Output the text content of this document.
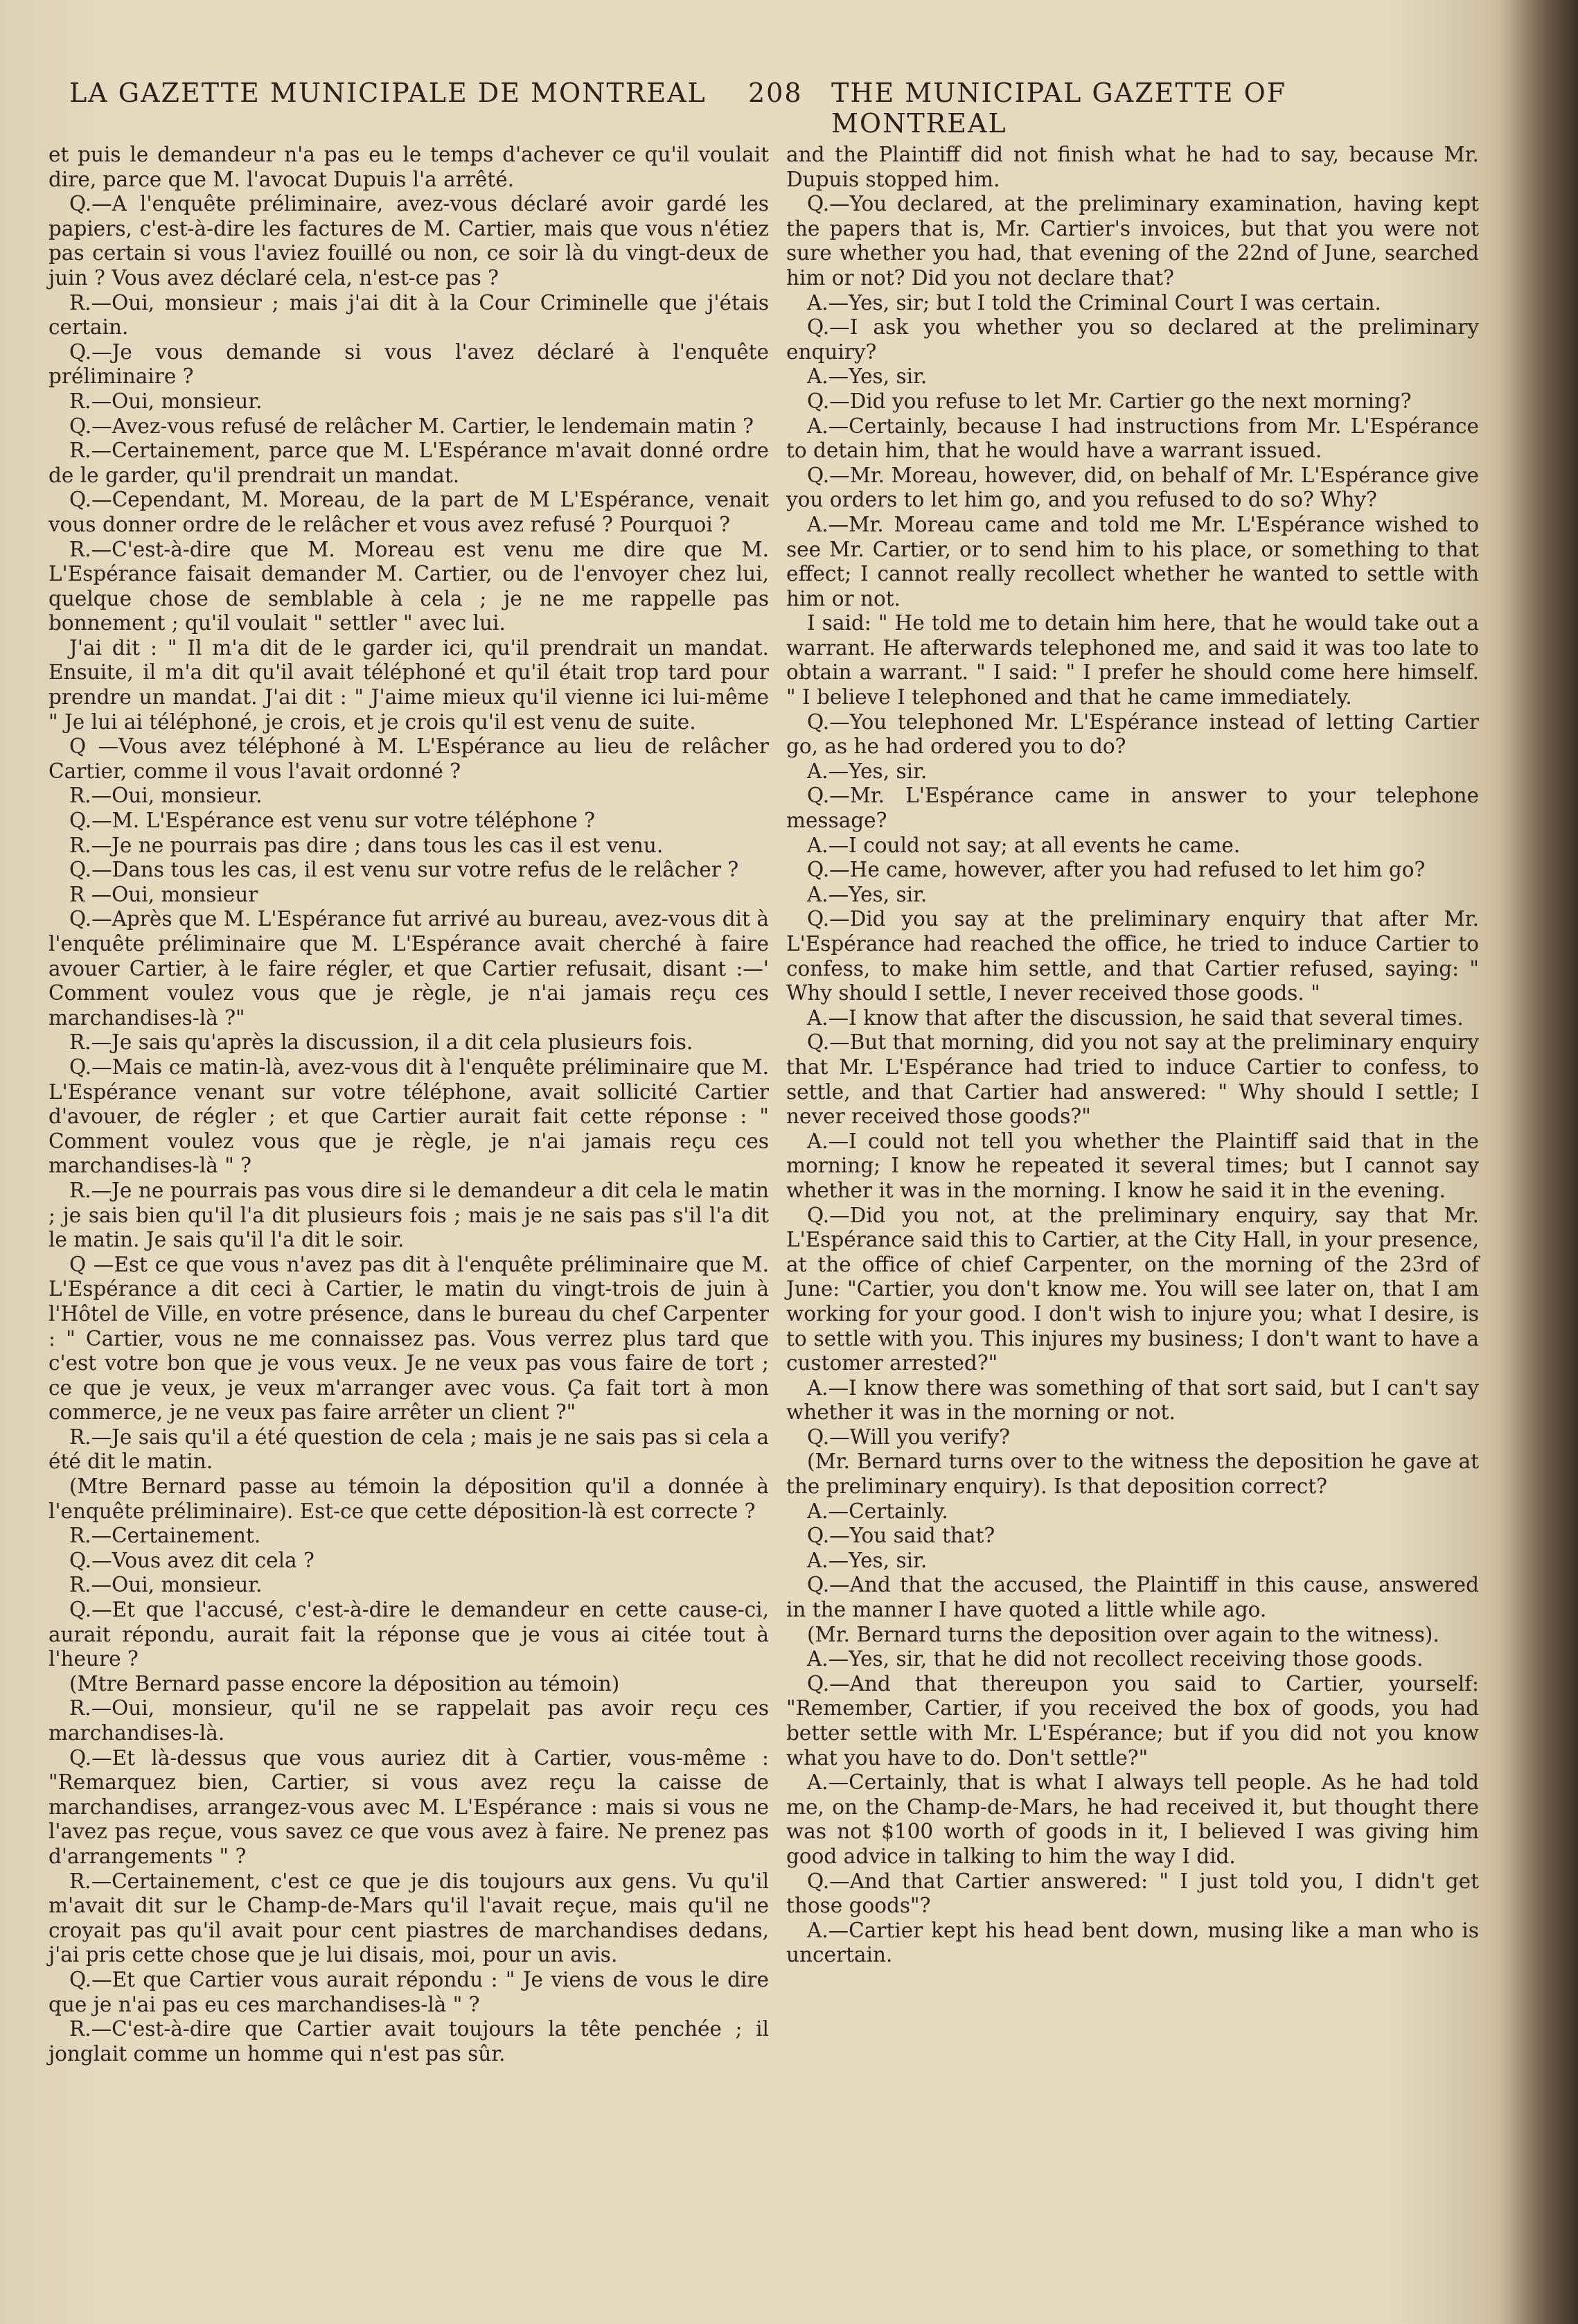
LA GAZETTE MUNICIPALE DE MONTREAL 208 THE MUNICIPAL GAZETTE OF MONTREAL

et puis le demandeur n'a pas eu le temps d'achever ce qu'il voulait dire, parce que M. l'avocat Dupuis l'a arrêté.

Q.—A l'enquête préliminaire, avez-vous déclaré avoir gardé les papiers, c'est-à-dire les factures de M. Cartier, mais que vous n'étiez pas certain si vous l'aviez fouillé ou non, ce soir là du vingt-deux de juin ? Vous avez déclaré cela, n'est-ce pas ?

R.—Oui, monsieur ; mais j'ai dit à la Cour Criminelle que j'étais certain.

Q.—Je vous demande si vous l'avez déclaré à l'enquête préliminaire ?

R.—Oui, monsieur.

Q.—Avez-vous refusé de relâcher M. Cartier, le lendemain matin ?

R.—Certainement, parce que M. L'Espérance m'avait donné ordre de le garder, qu'il prendrait un mandat.

Q.—Cependant, M. Moreau, de la part de M L'Espérance, venait vous donner ordre de le relâcher et vous avez refusé ? Pourquoi ?

R.—C'est-à-dire que M. Moreau est venu me dire que M. L'Espérance faisait demander M. Cartier, ou de l'envoyer chez lui, quelque chose de semblable à cela ; je ne me rappelle pas bonnement ; qu'il voulait " settler " avec lui.

J'ai dit : " Il m'a dit de le garder ici, qu'il prendrait un mandat. Ensuite, il m'a dit qu'il avait téléphoné et qu'il était trop tard pour prendre un mandat. J'ai dit : " J'aime mieux qu'il vienne ici lui-même " Je lui ai téléphoné, je crois, et je crois qu'il est venu de suite.

Q —Vous avez téléphoné à M. L'Espérance au lieu de relâcher Cartier, comme il vous l'avait ordonné ?

R.—Oui, monsieur.

Q.—M. L'Espérance est venu sur votre téléphone ?

R.—Je ne pourrais pas dire ; dans tous les cas il est venu.

Q.—Dans tous les cas, il est venu sur votre refus de le relâcher ?

R —Oui, monsieur

Q.—Après que M. L'Espérance fut arrivé au bureau, avez-vous dit à l'enquête préliminaire que M. L'Espérance avait cherché à faire avouer Cartier, à le faire régler, et que Cartier refusait, disant :—' Comment voulez vous que je règle, je n'ai jamais reçu ces marchandises-là ?"

R.—Je sais qu'après la discussion, il a dit cela plusieurs fois.

Q.—Mais ce matin-là, avez-vous dit à l'enquête préliminaire que M. L'Espérance venant sur votre téléphone, avait sollicité Cartier d'avouer, de régler ; et que Cartier aurait fait cette réponse : " Comment voulez vous que je règle, je n'ai jamais reçu ces marchandises-là " ?

R.—Je ne pourrais pas vous dire si le demandeur a dit cela le matin ; je sais bien qu'il l'a dit plusieurs fois ; mais je ne sais pas s'il l'a dit le matin. Je sais qu'il l'a dit le soir.

Q —Est ce que vous n'avez pas dit à l'enquête préliminaire que M. L'Espérance a dit ceci à Cartier, le matin du vingt-trois de juin à l'Hôtel de Ville, en votre présence, dans le bureau du chef Carpenter : " Cartier, vous ne me connaissez pas. Vous verrez plus tard que c'est votre bon que je vous veux. Je ne veux pas vous faire de tort ; ce que je veux, je veux m'arranger avec vous. Ça fait tort à mon commerce, je ne veux pas faire arrêter un client ?"

R.—Je sais qu'il a été question de cela ; mais je ne sais pas si cela a été dit le matin.

(Mtre Bernard passe au témoin la déposition qu'il a donnée à l'enquête préliminaire). Est-ce que cette déposition-là est correcte ?

R.—Certainement.

Q.—Vous avez dit cela ?

R.—Oui, monsieur.

Q.—Et que l'accusé, c'est-à-dire le demandeur en cette cause-ci, aurait répondu, aurait fait la réponse que je vous ai citée tout à l'heure ?

(Mtre Bernard passe encore la déposition au témoin)

R.—Oui, monsieur, qu'il ne se rappelait pas avoir reçu ces marchandises-là.

Q.—Et là-dessus que vous auriez dit à Cartier, vous-même : "Remarquez bien, Cartier, si vous avez reçu la caisse de marchandises, arrangez-vous avec M. L'Espérance : mais si vous ne l'avez pas reçue, vous savez ce que vous avez à faire. Ne prenez pas d'arrangements " ?

R.—Certainement, c'est ce que je dis toujours aux gens. Vu qu'il m'avait dit sur le Champ-de-Mars qu'il l'avait reçue, mais qu'il ne croyait pas qu'il avait pour cent piastres de marchandises dedans, j'ai pris cette chose que je lui disais, moi, pour un avis.

Q.—Et que Cartier vous aurait répondu : " Je viens de vous le dire que je n'ai pas eu ces marchandises-là " ?

R.—C'est-à-dire que Cartier avait toujours la tête penchée ; il jonglait comme un homme qui n'est pas sûr.

and the Plaintiff did not finish what he had to say, because Mr. Dupuis stopped him.

Q.—You declared, at the preliminary examination, having kept the papers that is, Mr. Cartier's invoices, but that you were not sure whether you had, that evening of the 22nd of June, searched him or not? Did you not declare that?

A.—Yes, sir; but I told the Criminal Court I was certain.

Q.—I ask you whether you so declared at the preliminary enquiry?

A.—Yes, sir.

Q.—Did you refuse to let Mr. Cartier go the next morning?

A.—Certainly, because I had instructions from Mr. L'Espérance to detain him, that he would have a warrant issued.

Q.—Mr. Moreau, however, did, on behalf of Mr. L'Espérance give you orders to let him go, and you refused to do so? Why?

A.—Mr. Moreau came and told me Mr. L'Espérance wished to see Mr. Cartier, or to send him to his place, or something to that effect; I cannot really recollect whether he wanted to settle with him or not.

I said: " He told me to detain him here, that he would take out a warrant. He afterwards telephoned me, and said it was too late to obtain a warrant. " I said: " I prefer he should come here himself. " I believe I telephoned and that he came immediately.

Q.—You telephoned Mr. L'Espérance instead of letting Cartier go, as he had ordered you to do?

A.—Yes, sir.

Q.—Mr. L'Espérance came in answer to your telephone message?

A.—I could not say; at all events he came.

Q.—He came, however, after you had refused to let him go?

A.—Yes, sir.

Q.—Did you say at the preliminary enquiry that after Mr. L'Espérance had reached the office, he tried to induce Cartier to confess, to make him settle, and that Cartier refused, saying: " Why should I settle, I never received those goods. "

A.—I know that after the discussion, he said that several times.

Q.—But that morning, did you not say at the preliminary enquiry that Mr. L'Espérance had tried to induce Cartier to confess, to settle, and that Cartier had answered: " Why should I settle; I never received those goods?"

A.—I could not tell you whether the Plaintiff said that in the morning; I know he repeated it several times; but I cannot say whether it was in the morning. I know he said it in the evening.

Q.—Did you not, at the preliminary enquiry, say that Mr. L'Espérance said this to Cartier, at the City Hall, in your presence, at the office of chief Carpenter, on the morning of the 23rd of June: "Cartier, you don't know me. You will see later on, that I am working for your good. I don't wish to injure you; what I desire, is to settle with you. This injures my business; I don't want to have a customer arrested?"

A.—I know there was something of that sort said, but I can't say whether it was in the morning or not.

Q.—Will you verify?

(Mr. Bernard turns over to the witness the deposition he gave at the preliminary enquiry). Is that deposition correct?

A.—Certainly.

Q.—You said that?

A.—Yes, sir.

Q.—And that the accused, the Plaintiff in this cause, answered in the manner I have quoted a little while ago.

(Mr. Bernard turns the deposition over again to the witness).

A.—Yes, sir, that he did not recollect receiving those goods.

Q.—And that thereupon you said to Cartier, yourself: "Remember, Cartier, if you received the box of goods, you had better settle with Mr. L'Espérance; but if you did not you know what you have to do. Don't settle?"

A.—Certainly, that is what I always tell people. As he had told me, on the Champ-de-Mars, he had received it, but thought there was not $100 worth of goods in it, I believed I was giving him good advice in talking to him the way I did.

Q.—And that Cartier answered: " I just told you, I didn't get those goods"?

A.—Cartier kept his head bent down, musing like a man who is uncertain.
